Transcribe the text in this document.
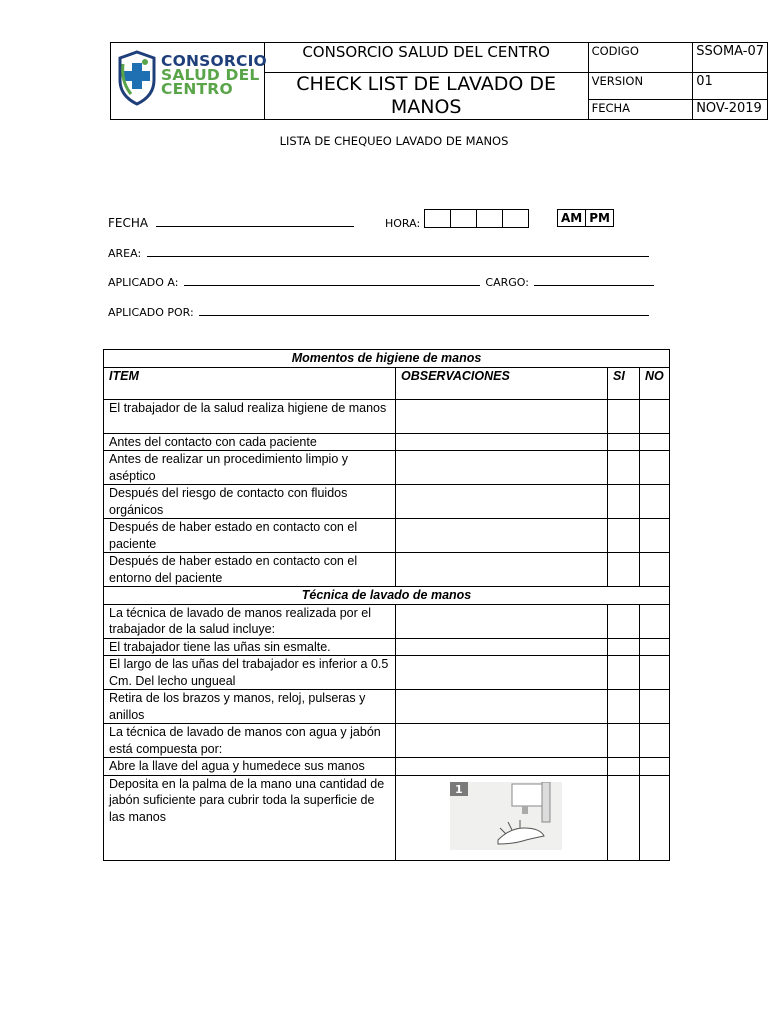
CONSORCIO
SALUD DEL
CENTRO	CONSORCIO SALUD DEL CENTRO	CODIGO	SSOMA-07
	CHECK LIST DE LAVADO DE MANOS	VERSION	01
		FECHA	NOV-2019
LISTA DE CHEQUEO LAVADO DE MANOS
FECHA	HORA:	AM PM
AREA:
APLICADO A:	CARGO:
APLICADO POR:
Momentos de higiene de manos			
ITEM	OBSERVACIONES	SI	NO
El trabajador de la salud realiza higiene de manos			
Antes del contacto con cada paciente			
Antes de realizar un procedimiento limpio y aséptico			
Después del riesgo de contacto con fluidos orgánicos			
Después de haber estado en contacto con el paciente			
Después de haber estado en contacto con el entorno del paciente			
Técnica de lavado de manos			
La técnica de lavado de manos realizada por el trabajador de la salud incluye:			
El trabajador tiene las uñas sin esmalte.			
El largo de las uñas del trabajador es inferior a 0.5 Cm. Del lecho ungueal			
Retira de los brazos y manos, reloj, pulseras y anillos			
La técnica de lavado de manos con agua y jabón está compuesta por:			
Abre la llave del agua y humedece sus manos			
Deposita en la palma de la mano una cantidad de jabón suficiente para cubrir toda la superficie de las manos	1		
